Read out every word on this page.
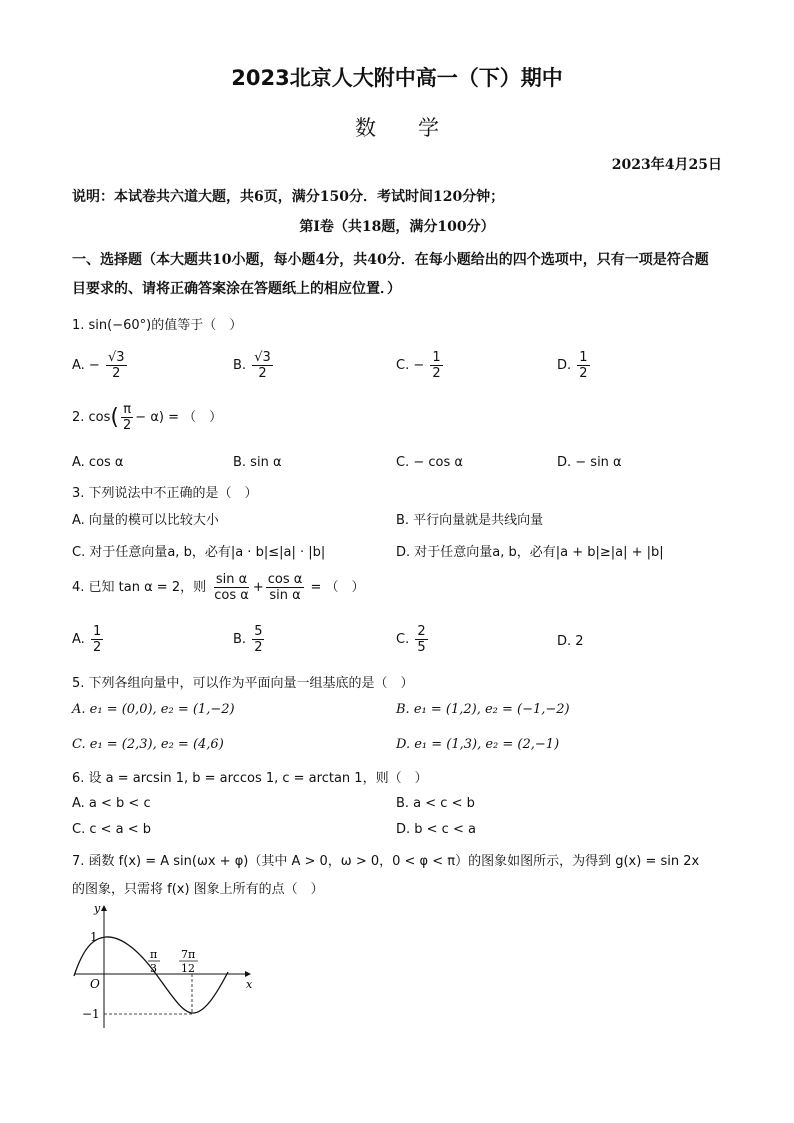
2023北京人大附中高一（下）期中
数学
2023年4月25日
说明：本试卷共六道大题，共6页，满分150分．考试时间120分钟；
第Ⅰ卷（共18题，满分100分）
一、选择题（本大题共10小题，每小题4分，共40分．在每小题给出的四个选项中，只有一项是符合题目要求的、请将正确答案涂在答题纸上的相应位置．）
1. sin(−60°)的值等于（　）
A. − $\frac{√3}{2}$	B. $\frac{√3}{2}$	C. − $\frac{1}{2}$	D. $\frac{1}{2}$
2. $\cos( \frac{\pi}{2} - \alpha)$ = （　）
A. cos α	B. sin α	C. − cos α	D. − sin α
3. 下列说法中不正确的是（　）
A. 向量的模可以比较大小	B. 平行向量就是共线向量
C. 对于任意向量a, b，必有|a · b|≤|a| · |b|	D. 对于任意向量a, b，必有|a + b|≥|a| + |b|
4. 已知 tan α = 2，则 $\frac{\text{sin α}}{\text{cos α}} + \frac{\text{cos α}}{\text{sin α}}$ = （　）
A. $\frac{1}{2}$	B. $\frac{5}{2}$	C. $\frac{2}{5}$	D. 2
5. 下列各组向量中，可以作为平面向量一组基底的是（　）
A. e₁ = (0,0), e₂ = (1,−2)	B. e₁ = (1,2), e₂ = (−1,−2)
C. e₁ = (2,3), e₂ = (4,6)	D. e₁ = (1,3), e₂ = (2,−1)
6. 设 a = arcsin 1, b = arccos 1, c = arctan 1，则（　）
A. a < b < c	B. a < c < b
C. c < a < b	D. b < c < a
7. 函数 f(x) = A sin(ωx + φ)（其中 A > 0，ω > 0，0 < φ < π）的图象如图所示，为得到 g(x) = sin 2x
的图象，只需将 f(x) 图象上所有的点（　）
y
x
O
1
−1
π
3
7π
12
